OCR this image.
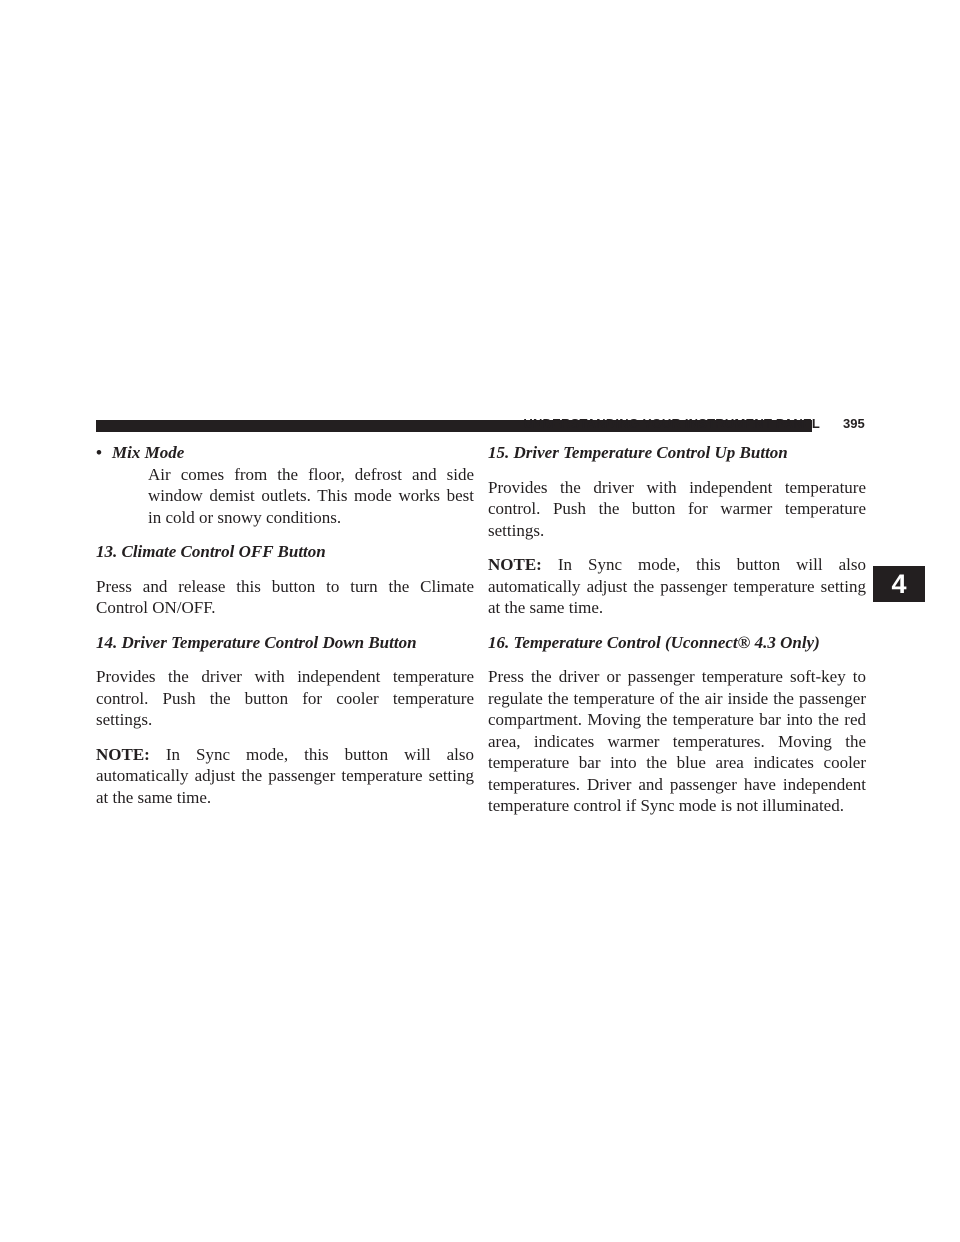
UNDERSTANDING YOUR INSTRUMENT PANEL 395
4

• Mix Mode

Air comes from the floor, defrost and side window demist outlets. This mode works best in cold or snowy conditions.

13. Climate Control OFF Button

Press and release this button to turn the Climate Control ON/OFF.

14. Driver Temperature Control Down Button

Provides the driver with independent temperature control. Push the button for cooler temperature settings.

NOTE: In Sync mode, this button will also automatically adjust the passenger temperature setting at the same time.

15. Driver Temperature Control Up Button

Provides the driver with independent temperature control. Push the button for warmer temperature settings.

NOTE: In Sync mode, this button will also automatically adjust the passenger temperature setting at the same time.

16. Temperature Control (Uconnect® 4.3 Only)

Press the driver or passenger temperature soft-key to regulate the temperature of the air inside the passenger compartment. Moving the temperature bar into the red area, indicates warmer temperatures. Moving the temperature bar into the blue area indicates cooler temperatures. Driver and passenger have independent temperature control if Sync mode is not illuminated.
